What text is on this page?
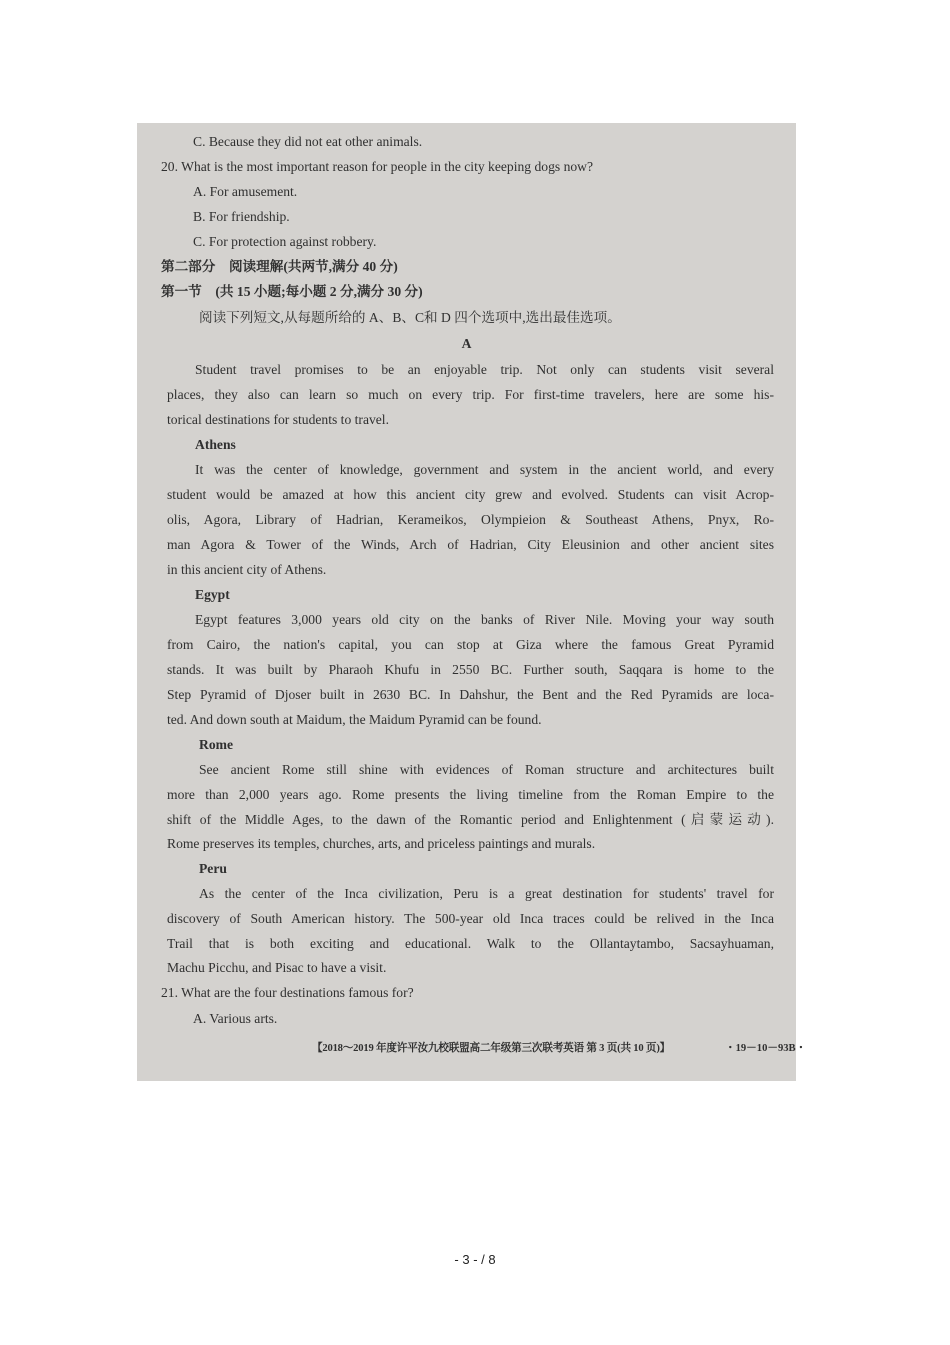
C. Because they did not eat other animals.
20. What is the most important reason for people in the city keeping dogs now?
A. For amusement.
B. For friendship.
C. For protection against robbery.
第二部分　阅读理解(共两节,满分 40 分)
第一节　(共 15 小题;每小题 2 分,满分 30 分)
阅读下列短文,从每题所给的 A、B、C和 D 四个选项中,选出最佳选项。
A
Student travel promises to be an enjoyable trip. Not only can students visit several
places, they also can learn so much on every trip. For first-time travelers, here are some his-
torical destinations for students to travel.
Athens
It was the center of knowledge, government and system in the ancient world, and every
student would be amazed at how this ancient city grew and evolved. Students can visit Acrop-
olis, Agora, Library of Hadrian, Kerameikos, Olympieion & Southeast Athens, Pnyx, Ro-
man Agora & Tower of the Winds, Arch of Hadrian, City Eleusinion and other ancient sites
in this ancient city of Athens.
Egypt
Egypt features 3,000 years old city on the banks of River Nile. Moving your way south
from Cairo, the nation's capital, you can stop at Giza where the famous Great Pyramid
stands. It was built by Pharaoh Khufu in 2550 BC. Further south, Saqqara is home to the
Step Pyramid of Djoser built in 2630 BC. In Dahshur, the Bent and the Red Pyramids are loca-
ted. And down south at Maidum, the Maidum Pyramid can be found.
Rome
See ancient Rome still shine with evidences of Roman structure and architectures built
more than 2,000 years ago. Rome presents the living timeline from the Roman Empire to the
shift of the Middle Ages, to the dawn of the Romantic period and Enlightenment (启蒙运动).
Rome preserves its temples, churches, arts, and priceless paintings and murals.
Peru
As the center of the Inca civilization, Peru is a great destination for students' travel for
discovery of South American history. The 500-year old Inca traces could be relived in the Inca
Trail that is both exciting and educational. Walk to the Ollantaytambo, Sacsayhuaman,
Machu Picchu, and Pisac to have a visit.
21. What are the four destinations famous for?
A. Various arts.
【2018～2019 年度许平汝九校联盟高二年级第三次联考英语 第 3 页(共 10 页)】	・19－10－93B・
- 3 - / 8
